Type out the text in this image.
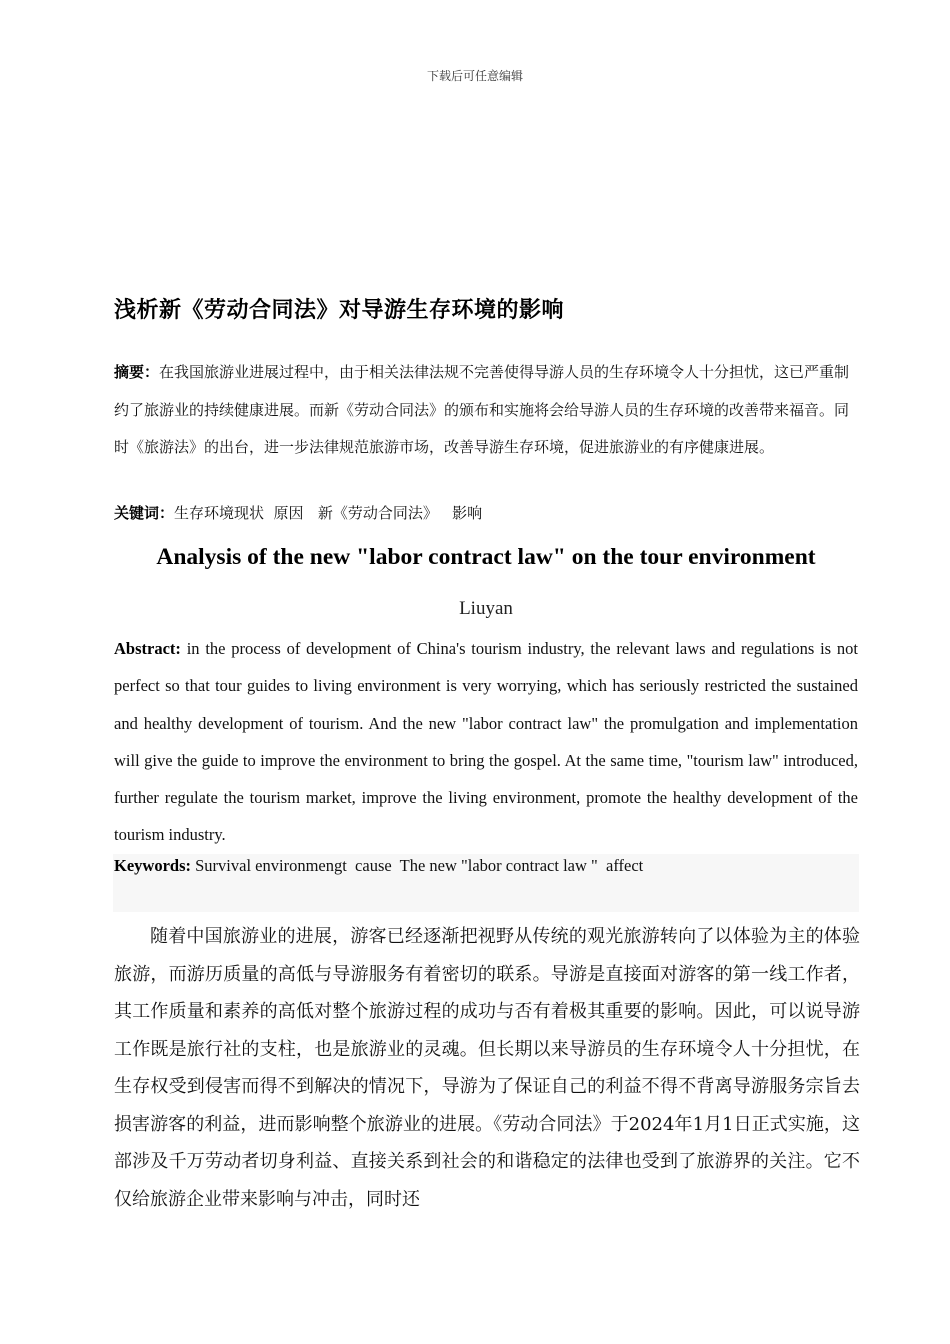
下载后可任意编辑
浅析新《劳动合同法》对导游生存环境的影响
摘要：在我国旅游业进展过程中，由于相关法律法规不完善使得导游人员的生存环境令人十分担忧，这已严重制约了旅游业的持续健康进展。而新《劳动合同法》的颁布和实施将会给导游人员的生存环境的改善带来福音。同时《旅游法》的出台，进一步法律规范旅游市场，改善导游生存环境，促进旅游业的有序健康进展。
关键词：生存环境现状  原因   新《劳动合同法》   影响
Analysis of the new "labor contract law" on the tour environment
Liuyan
Abstract: in the process of development of China's tourism industry, the relevant laws and regulations is not perfect so that tour guides to living environment is very worrying, which has seriously restricted the sustained and healthy development of tourism. And the new "labor contract law" the promulgation and implementation will give the guide to improve the environment to bring the gospel. At the same time, "tourism law" introduced, further regulate the tourism market, improve the living environment, promote the healthy development of the tourism industry.
Keywords: Survival environmengt  cause  The new "labor contract law "  affect

随着中国旅游业的进展，游客已经逐渐把视野从传统的观光旅游转向了以体验为主的体验旅游，而游历质量的高低与导游服务有着密切的联系。导游是直接面对游客的第一线工作者，其工作质量和素养的高低对整个旅游过程的成功与否有着极其重要的影响。因此，可以说导游工作既是旅行社的支柱，也是旅游业的灵魂。但长期以来导游员的生存环境令人十分担忧，在生存权受到侵害而得不到解决的情况下，导游为了保证自己的利益不得不背离导游服务宗旨去损害游客的利益，进而影响整个旅游业的进展。《劳动合同法》于2024年1月1日正式实施，这部涉及千万劳动者切身利益、直接关系到社会的和谐稳定的法律也受到了旅游界的关注。它不仅给旅游企业带来影响与冲击，同时还
